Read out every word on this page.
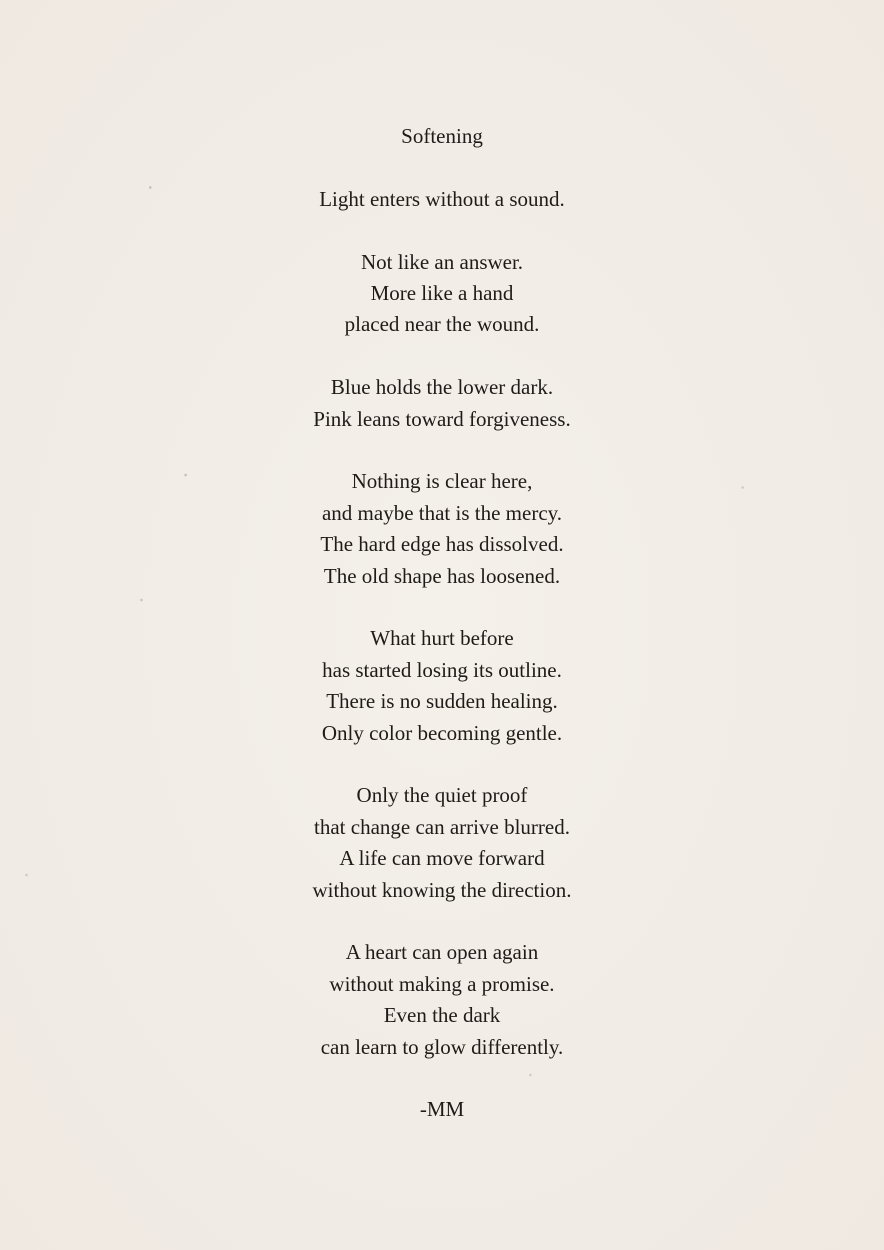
Softening
Light enters without a sound.
Not like an answer.
More like a hand
placed near the wound.
Blue holds the lower dark.
Pink leans toward forgiveness.
Nothing is clear here,
and maybe that is the mercy.
The hard edge has dissolved.
The old shape has loosened.
What hurt before
has started losing its outline.
There is no sudden healing.
Only color becoming gentle.
Only the quiet proof
that change can arrive blurred.
A life can move forward
without knowing the direction.
A heart can open again
without making a promise.
Even the dark
can learn to glow differently.
-MM
